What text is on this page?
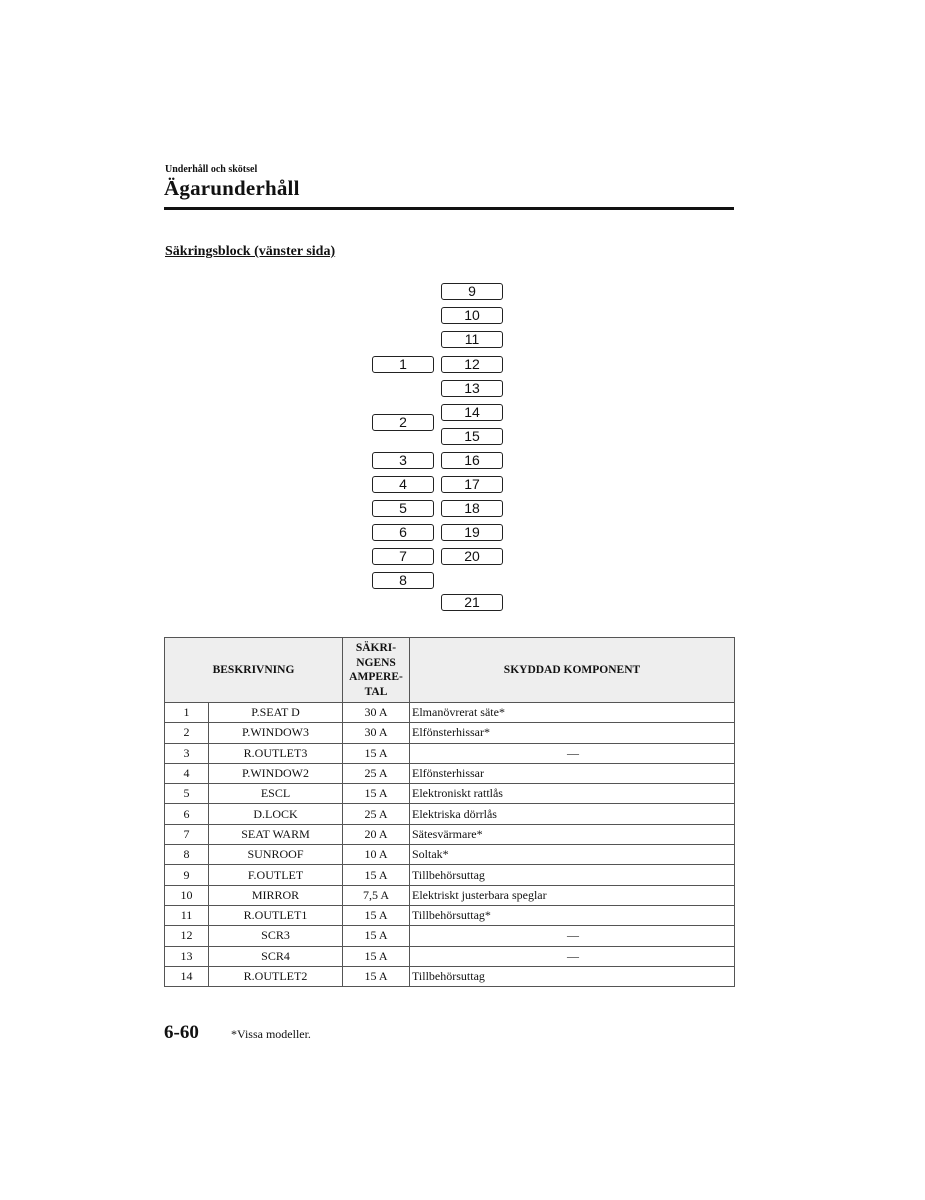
Underhåll och skötsel
Ägarunderhåll
Säkringsblock (vänster sida)
1
2
3
4
5
6
7
8
9
10
11
12
13
14
15
16
17
18
19
20
21
BESKRIVNING		SÄKRI-
NGENS
AMPERE-
TAL	SKYDDAD KOMPONENT
1	P.SEAT D	30 A	Elmanövrerat säte*
2	P.WINDOW3	30 A	Elfönsterhissar*
3	R.OUTLET3	15 A	—
4	P.WINDOW2	25 A	Elfönsterhissar
5	ESCL	15 A	Elektroniskt rattlås
6	D.LOCK	25 A	Elektriska dörrlås
7	SEAT WARM	20 A	Sätesvärmare*
8	SUNROOF	10 A	Soltak*
9	F.OUTLET	15 A	Tillbehörsuttag
10	MIRROR	7,5 A	Elektriskt justerbara speglar
11	R.OUTLET1	15 A	Tillbehörsuttag*
12	SCR3	15 A	—
13	SCR4	15 A	—
14	R.OUTLET2	15 A	Tillbehörsuttag
6-60	*Vissa modeller.
